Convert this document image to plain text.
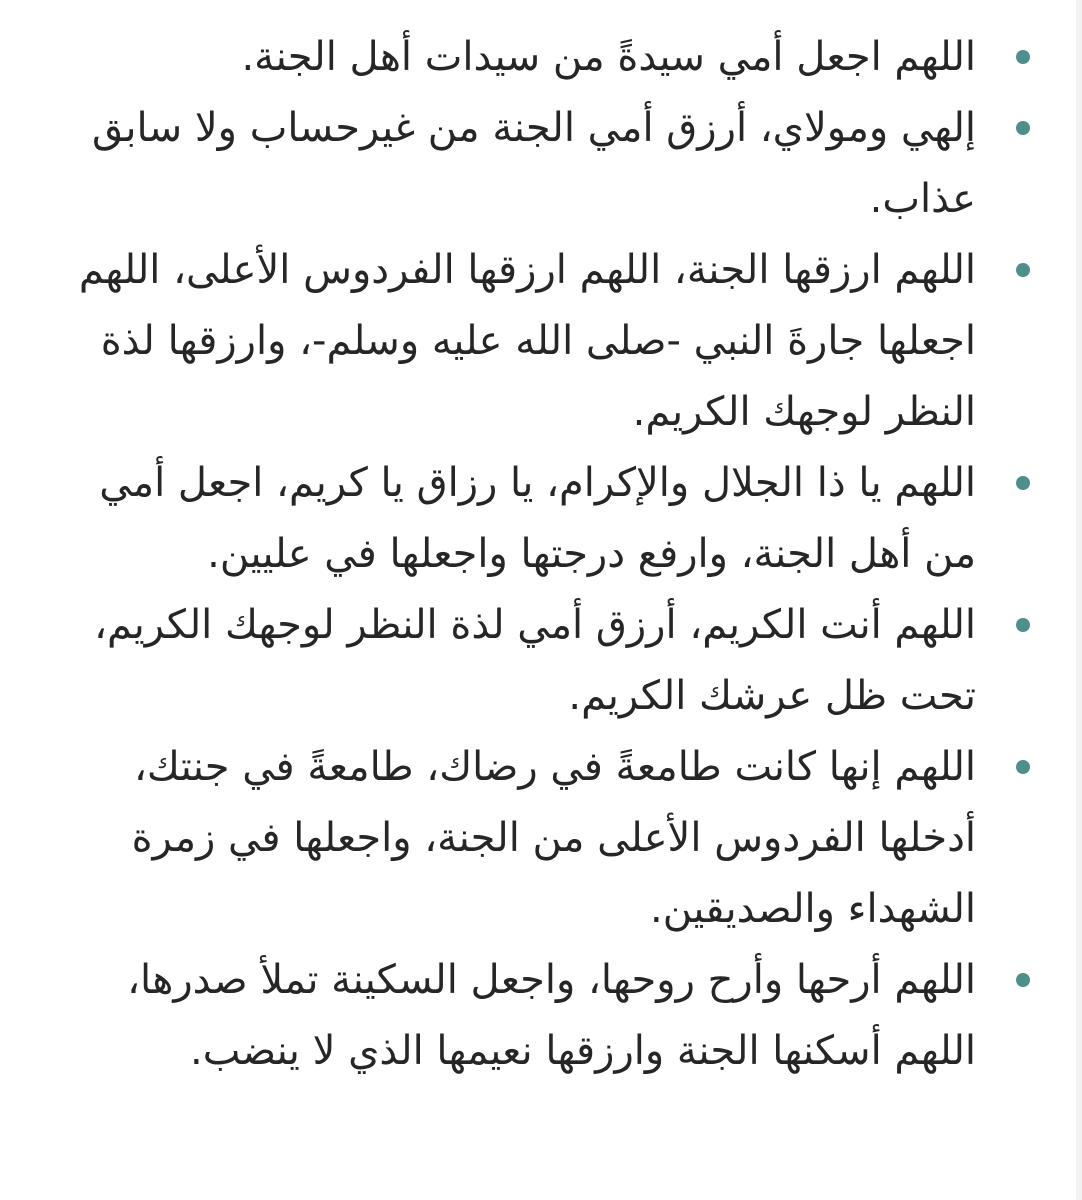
اللهم اجعل أمي سيدةً من سيدات أهل الجنة.
إلهي ومولاي، أرزق أمي الجنة من غيرحساب ولا سابق عذاب.
اللهم ارزقها الجنة، اللهم ارزقها الفردوس الأعلى، اللهم اجعلها جارةَ النبي -صلى الله عليه وسلم-، وارزقها لذة النظر لوجهك الكريم.
اللهم يا ذا الجلال والإكرام، يا رزاق يا كريم، اجعل أمي من أهل الجنة، وارفع درجتها واجعلها في عليين.
اللهم أنت الكريم، أرزق أمي لذة النظر لوجهك الكريم، تحت ظل عرشك الكريم.
اللهم إنها كانت طامعةً في رضاك، طامعةً في جنتك، أدخلها الفردوس الأعلى من الجنة، واجعلها في زمرة الشهداء والصديقين.
اللهم أرحها وأرح روحها، واجعل السكينة تملأ صدرها، اللهم أسكنها الجنة وارزقها نعيمها الذي لا ينضب.
